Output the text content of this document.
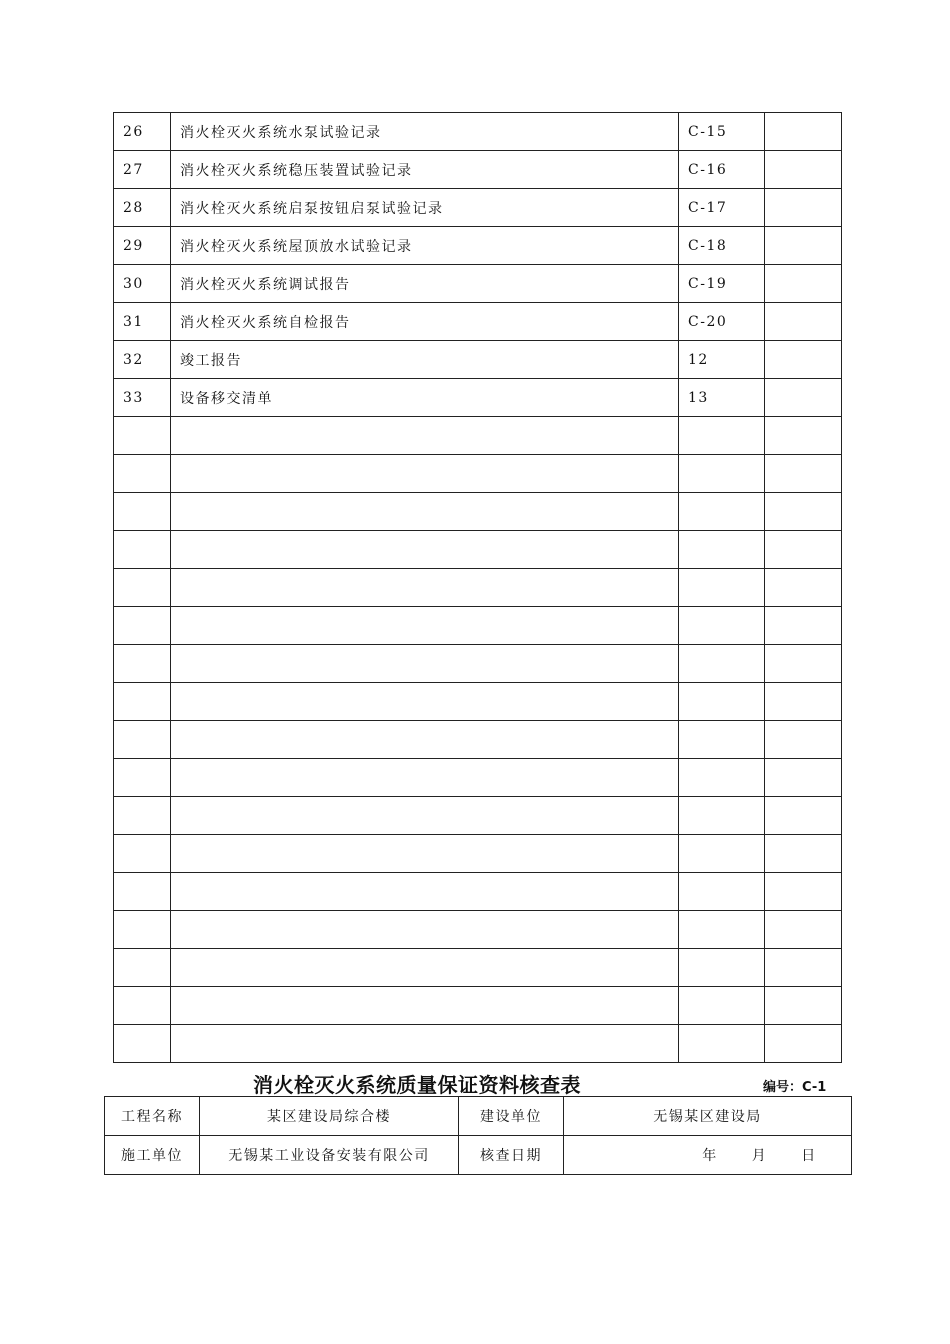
26	消火栓灭火系统水泵试验记录	C-15	
27	消火栓灭火系统稳压装置试验记录	C-16	
28	消火栓灭火系统启泵按钮启泵试验记录	C-17	
29	消火栓灭火系统屋顶放水试验记录	C-18	
30	消火栓灭火系统调试报告	C-19	
31	消火栓灭火系统自检报告	C-20	
32	竣工报告	12	
33	设备移交清单	13	

消火栓灭火系统质量保证资料核查表	编号：C-1
工程名称	某区建设局综合楼	建设单位	无锡某区建设局
施工单位	无锡某工业设备安装有限公司	核查日期	年 月 日
